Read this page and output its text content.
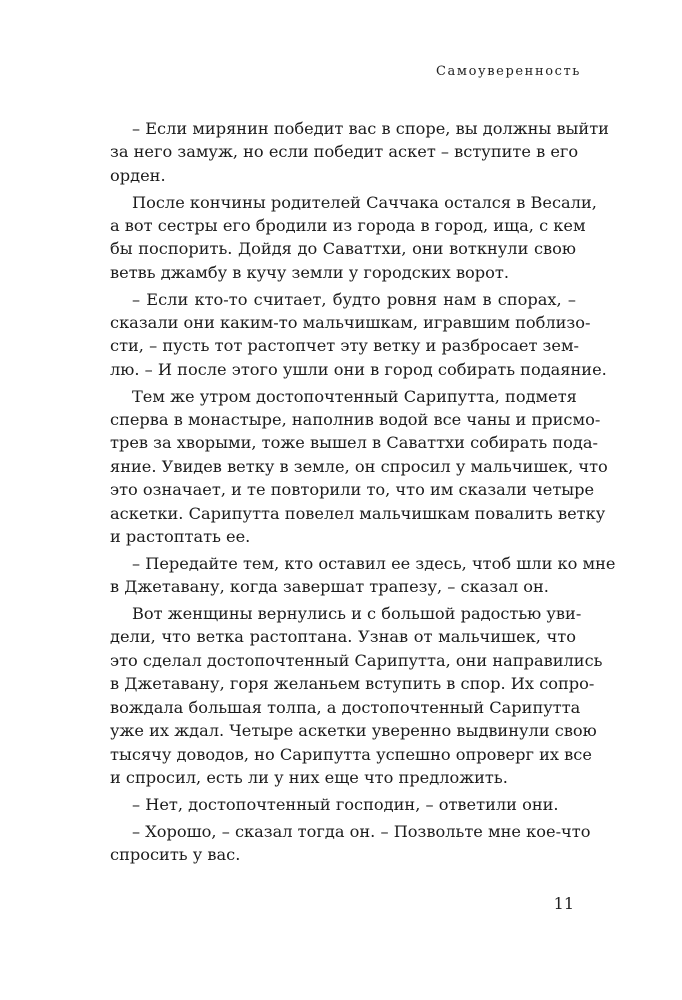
Самоуверенность
– Если мирянин победит вас в споре, вы должны выйти
за него замуж, но если победит аскет – вступите в его
орден.
После кончины родителей Саччака остался в Весали,
а вот сестры его бродили из города в город, ища, с кем
бы поспорить. Дойдя до Саваттхи, они воткнули свою
ветвь джамбу в кучу земли у городских ворот.
– Если кто-то считает, будто ровня нам в спорах, –
сказали они каким-то мальчишкам, игравшим поблизо-
сти, – пусть тот растопчет эту ветку и разбросает зем-
лю. – И после этого ушли они в город собирать подаяние.
Тем же утром достопочтенный Сарипутта, подметя
сперва в монастыре, наполнив водой все чаны и присмо-
трев за хворыми, тоже вышел в Саваттхи собирать пода-
яние. Увидев ветку в земле, он спросил у мальчишек, что
это означает, и те повторили то, что им сказали четыре
аскетки. Сарипутта повелел мальчишкам повалить ветку
и растоптать ее.
– Передайте тем, кто оставил ее здесь, чтоб шли ко мне
в Джетавану, когда завершат трапезу, – сказал он.
Вот женщины вернулись и с большой радостью уви-
дели, что ветка растоптана. Узнав от мальчишек, что
это сделал достопочтенный Сарипутта, они направились
в Джетавану, горя желаньем вступить в спор. Их сопро-
вождала большая толпа, а достопочтенный Сарипутта
уже их ждал. Четыре аскетки уверенно выдвинули свою
тысячу доводов, но Сарипутта успешно опроверг их все
и спросил, есть ли у них еще что предложить.
– Нет, достопочтенный господин, – ответили они.
– Хорошо, – сказал тогда он. – Позвольте мне кое-что
спросить у вас.
11
